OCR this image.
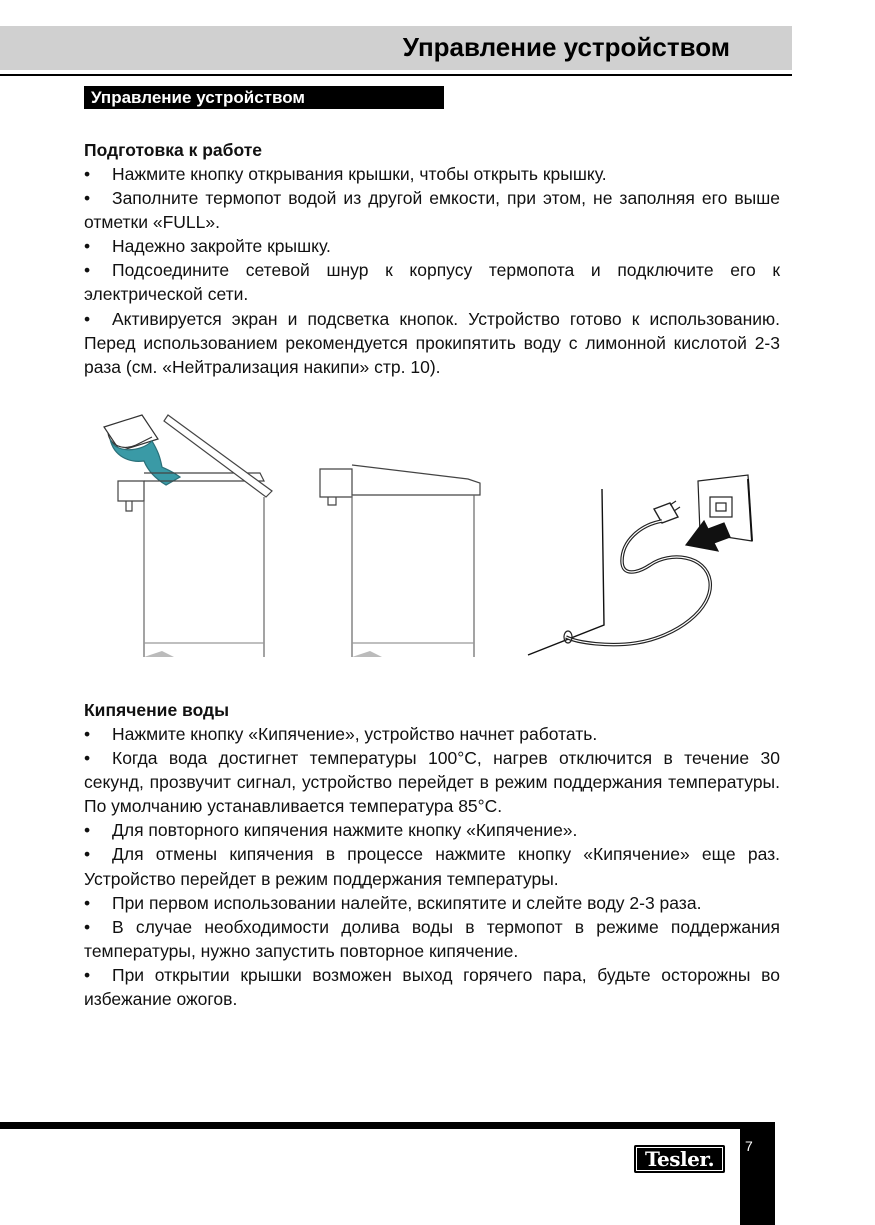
Управление устройством
Управление устройством
Подготовка к работе

• Нажмите кнопку открывания крышки, чтобы открыть крышку.

• Заполните термопот водой из другой емкости, при этом, не заполняя его выше отметки «FULL».

• Надежно закройте крышку.

• Подсоедините сетевой шнур к корпусу термопота и подключите его к электрической сети.

• Активируется экран и подсветка кнопок. Устройство готово к использованию. Перед использованием рекомендуется прокипятить воду с лимонной кислотой 2-3 раза (см. «Нейтрализация накипи» стр. 10).

Кипячение воды

• Нажмите кнопку «Кипячение», устройство начнет работать.

• Когда вода достигнет температуры 100°С, нагрев отключится в течение 30 секунд, прозвучит сигнал, устройство перейдет в режим поддержания температуры. По умолчанию устанавливается температура 85°С.

• Для повторного кипячения нажмите кнопку «Кипячение».

• Для отмены кипячения в процессе нажмите кнопку «Кипячение» еще раз. Устройство перейдет в режим поддержания температуры.

• При первом использовании налейте, вскипятите и слейте воду 2-3 раза.

• В случае необходимости долива воды в термопот в режиме поддержания температуры, нужно запустить повторное кипячение.

• При открытии крышки возможен выход горячего пара, будьте осторожны во избежание ожогов.

7
Tesler.
